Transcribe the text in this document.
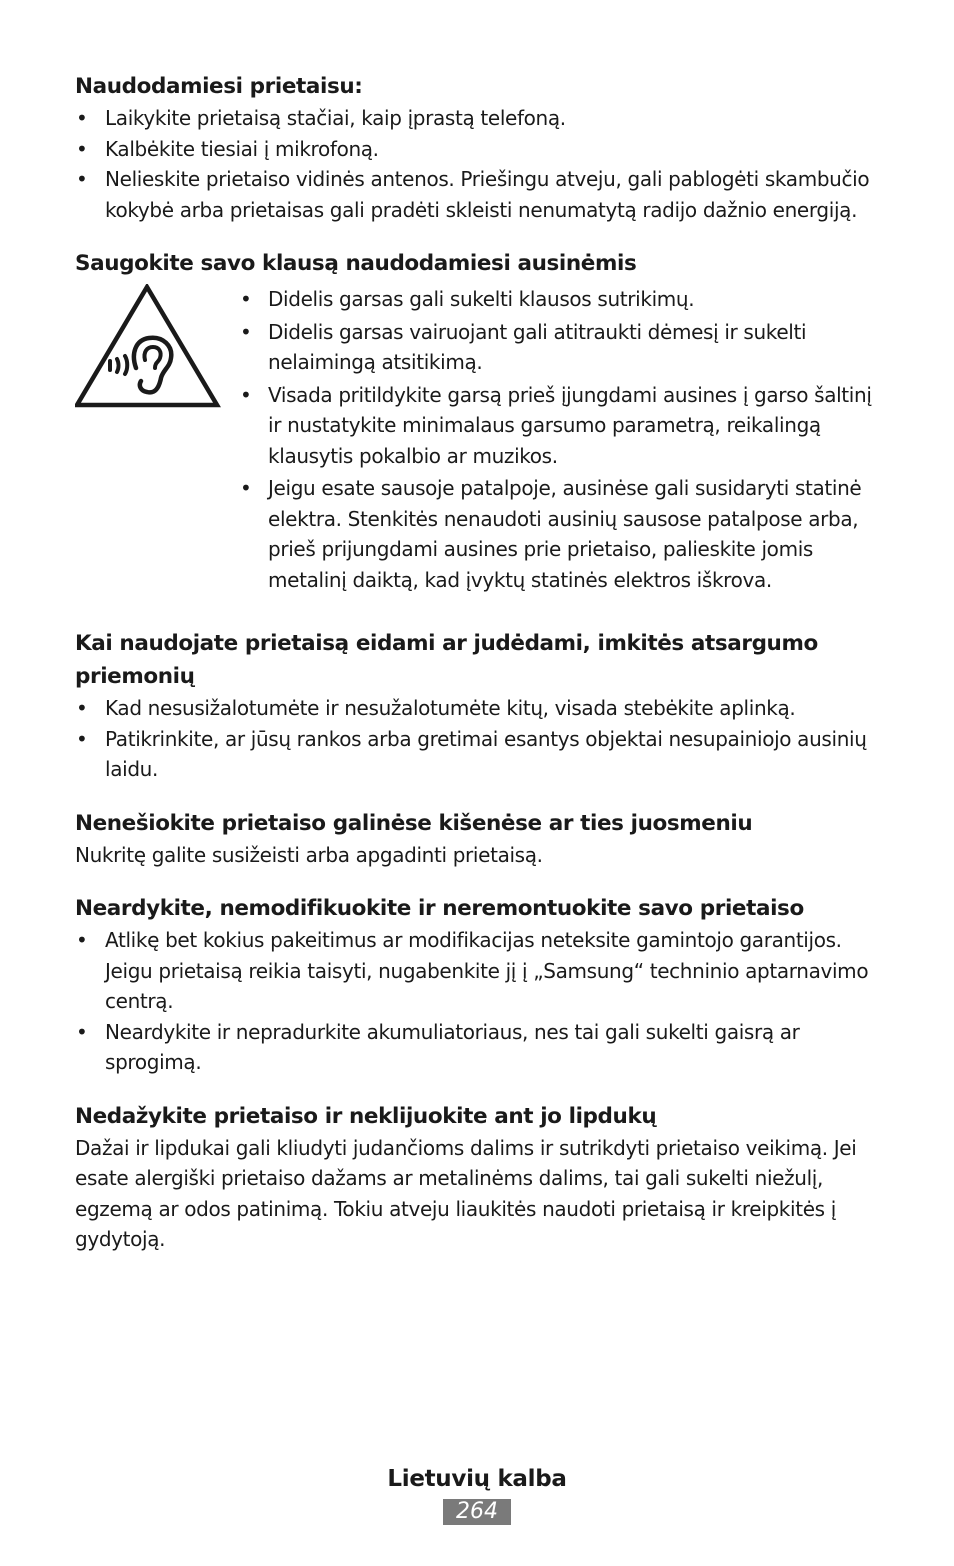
Naudodamiesi prietaisu:
• Laikykite prietaisą stačiai, kaip įprastą telefoną.
• Kalbėkite tiesiai į mikrofoną.
• Nelieskite prietaiso vidinės antenos. Priešingu atveju, gali pablogėti skambučio kokybė arba prietaisas gali pradėti skleisti nenumatytą radijo dažnio energiją.
Saugokite savo klausą naudodamiesi ausinėmis
• Didelis garsas gali sukelti klausos sutrikimų.
• Didelis garsas vairuojant gali atitraukti dėmesį ir sukelti nelaimingą atsitikimą.
• Visada pritildykite garsą prieš įjungdami ausines į garso šaltinį ir nustatykite minimalaus garsumo parametrą, reikalingą klausytis pokalbio ar muzikos.
• Jeigu esate sausoje patalpoje, ausinėse gali susidaryti statinė elektra. Stenkitės nenaudoti ausinių sausose patalpose arba, prieš prijungdami ausines prie prietaiso, palieskite jomis metalinį daiktą, kad įvyktų statinės elektros iškrova.
Kai naudojate prietaisą eidami ar judėdami, imkitės atsargumo priemonių
• Kad nesusižalotumėte ir nesužalotumėte kitų, visada stebėkite aplinką.
• Patikrinkite, ar jūsų rankos arba gretimai esantys objektai nesupainiojo ausinių laidu.
Nenešiokite prietaiso galinėse kišenėse ar ties juosmeniu

Nukritę galite susižeisti arba apgadinti prietaisą.

Neardykite, nemodifikuokite ir neremontuokite savo prietaiso
• Atlikę bet kokius pakeitimus ar modifikacijas neteksite gamintojo garantijos. Jeigu prietaisą reikia taisyti, nugabenkite jį į „Samsung“ techninio aptarnavimo centrą.
• Neardykite ir nepradurkite akumuliatoriaus, nes tai gali sukelti gaisrą ar sprogimą.
Nedažykite prietaiso ir neklijuokite ant jo lipdukų

Dažai ir lipdukai gali kliudyti judančioms dalims ir sutrikdyti prietaiso veikimą. Jei esate alergiški prietaiso dažams ar metalinėms dalims, tai gali sukelti niežulį, egzemą ar odos patinimą. Tokiu atveju liaukitės naudoti prietaisą ir kreipkitės į gydytoją.

Lietuvių kalba
264
